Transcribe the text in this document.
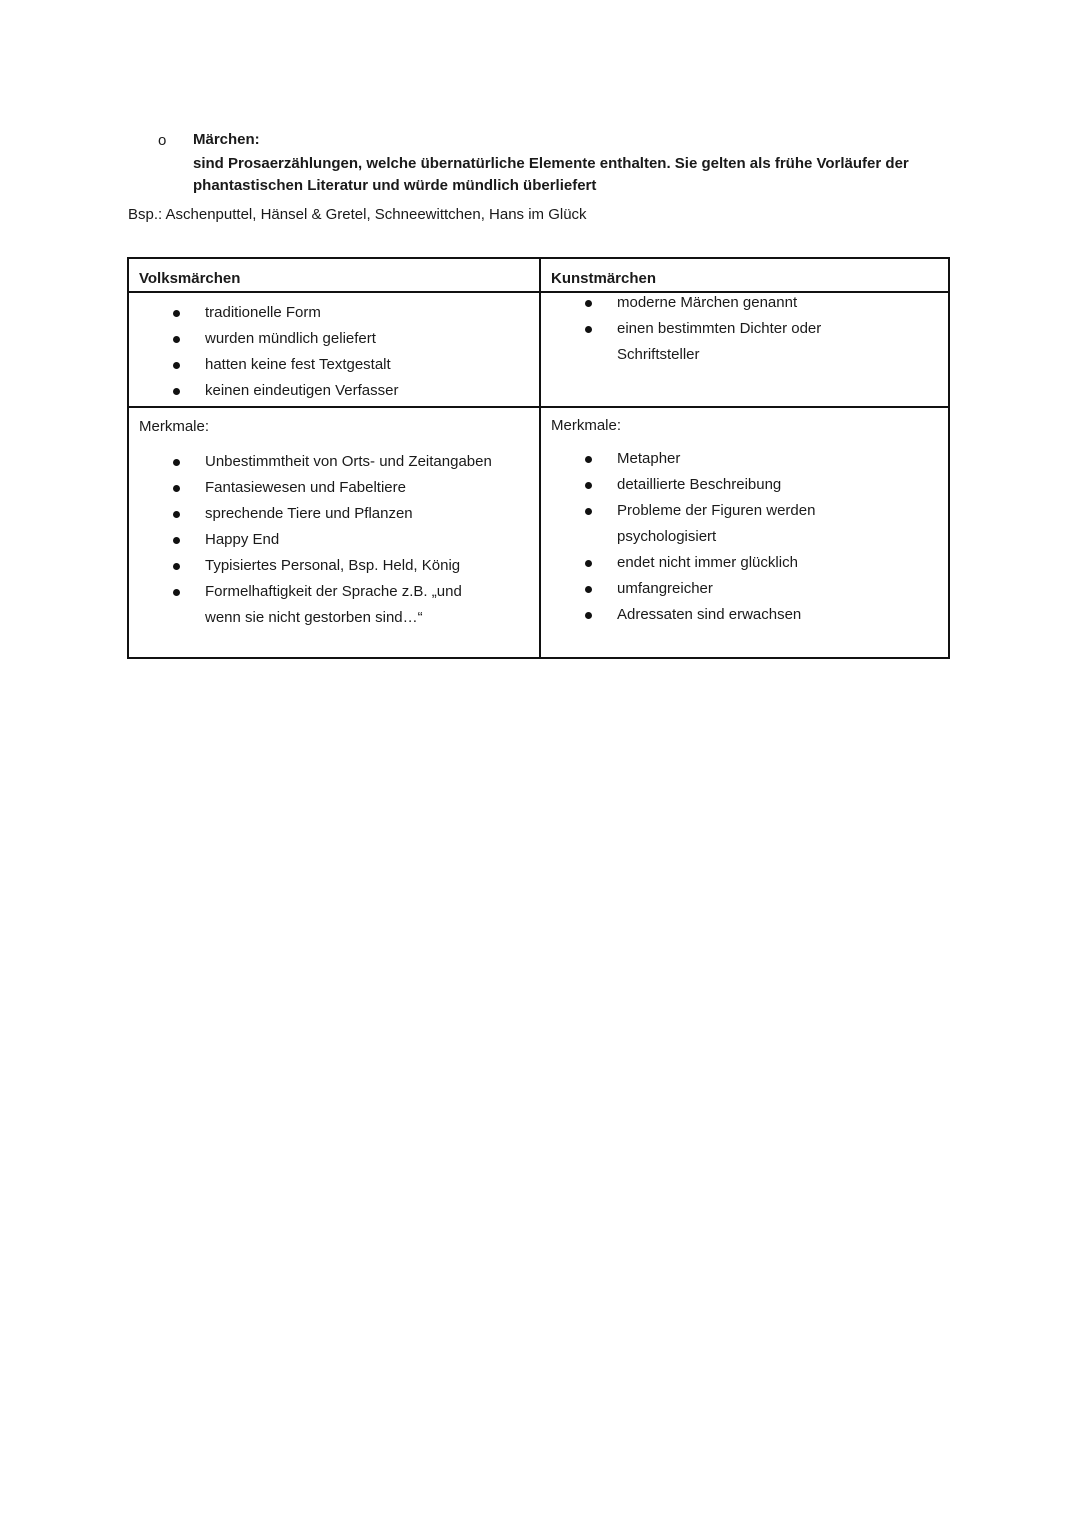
o Märchen:
sind Prosaerzählungen, welche übernatürliche Elemente enthalten. Sie gelten als frühe Vorläufer der phantastischen Literatur und würde mündlich überliefert
Bsp.: Aschenputtel, Hänsel & Gretel, Schneewittchen, Hans im Glück
Volksmärchen	Kunstmärchen
traditionelle Form
wurden mündlich geliefert
hatten keine fest Textgestalt
keinen eindeutigen Verfasser
moderne Märchen genannt
einen bestimmten Dichter oder Schriftsteller
Merkmale:
Unbestimmtheit von Orts- und Zeitangaben
Fantasiewesen und Fabeltiere
sprechende Tiere und Pflanzen
Happy End
Typisiertes Personal, Bsp. Held, König
Formelhaftigkeit der Sprache z.B. „und wenn sie nicht gestorben sind…“
Merkmale:
Metapher
detaillierte Beschreibung
Probleme der Figuren werden psychologisiert
endet nicht immer glücklich
umfangreicher
Adressaten sind erwachsen
